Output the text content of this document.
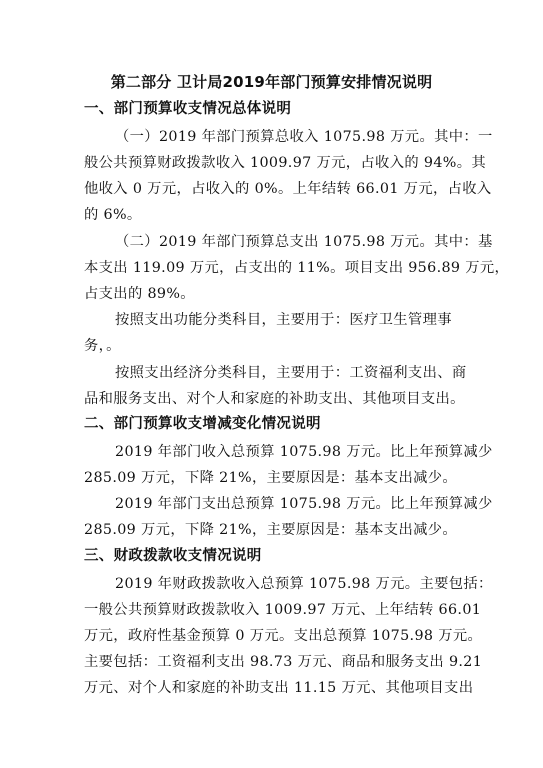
第二部分 卫计局2019年部门预算安排情况说明
一、部门预算收支情况总体说明
（一）2019 年部门预算总收入 1075.98 万元。其中：一
般公共预算财政拨款收入 1009.97 万元，占收入的 94%。其
他收入 0 万元，占收入的 0%。上年结转 66.01 万元，占收入
的 6%。
（二）2019 年部门预算总支出 1075.98 万元。其中：基
本支出 119.09 万元，占支出的 11%。项目支出 956.89 万元，
占支出的 89%。
按照支出功能分类科目，主要用于：医疗卫生管理事
务，。
按照支出经济分类科目，主要用于：工资福利支出、商
品和服务支出、对个人和家庭的补助支出、其他项目支出。
二、部门预算收支增减变化情况说明
2019 年部门收入总预算 1075.98 万元。比上年预算减少
285.09 万元，下降 21%，主要原因是：基本支出减少。
2019 年部门支出总预算 1075.98 万元。比上年预算减少
285.09 万元，下降 21%，主要原因是：基本支出减少。
三、财政拨款收支情况说明
2019 年财政拨款收入总预算 1075.98 万元。主要包括：
一般公共预算财政拨款收入 1009.97 万元、上年结转 66.01
万元，政府性基金预算 0 万元。支出总预算 1075.98 万元。
主要包括：工资福利支出 98.73 万元、商品和服务支出 9.21
万元、对个人和家庭的补助支出 11.15 万元、其他项目支出
